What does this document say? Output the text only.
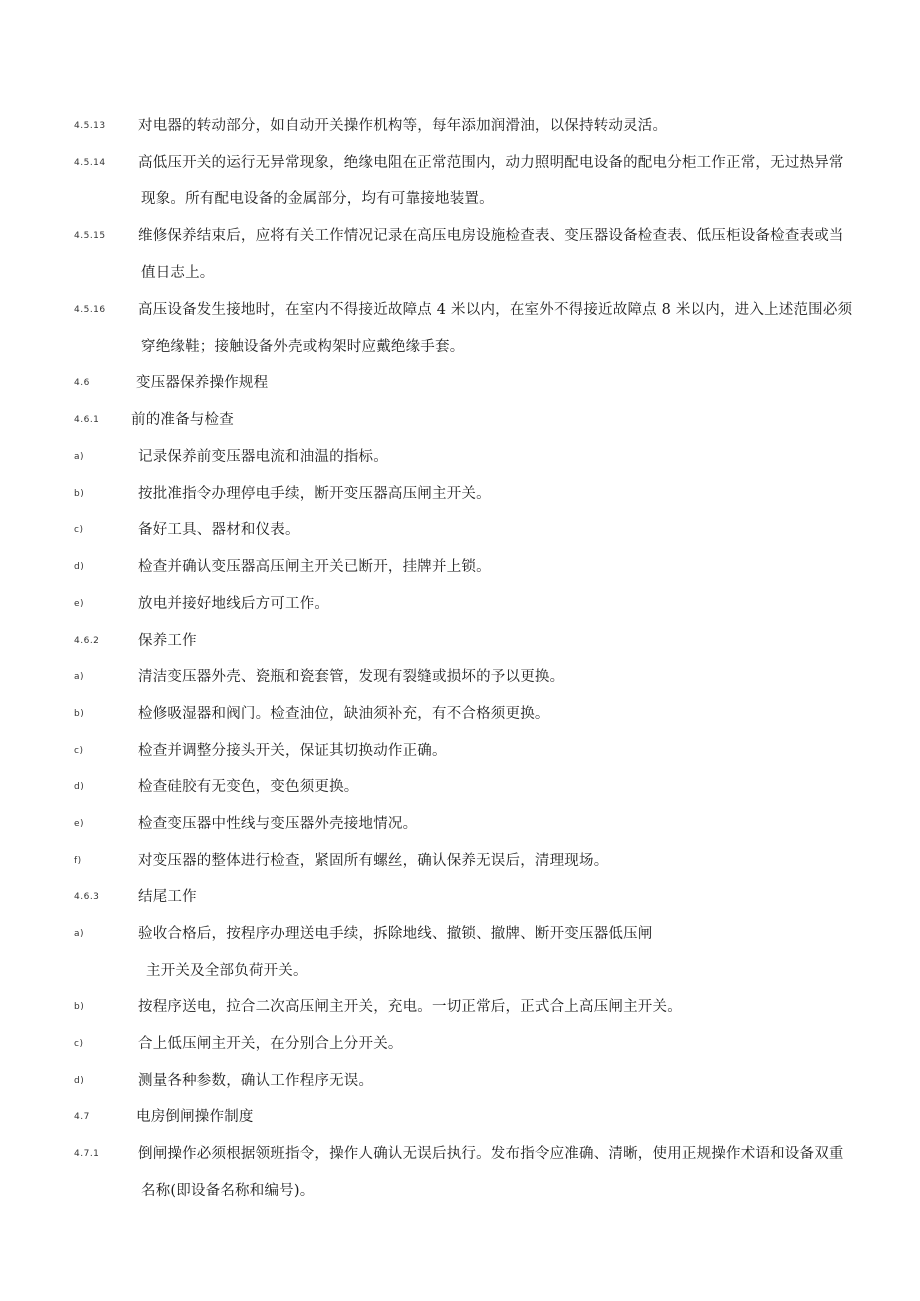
4.5.13 对电器的转动部分，如自动开关操作机构等，每年添加润滑油，以保持转动灵活。
4.5.14 高低压开关的运行无异常现象，绝缘电阻在正常范围内，动力照明配电设备的配电分柜工作正常，无过热异常
现象。所有配电设备的金属部分，均有可靠接地装置。
4.5.15 维修保养结束后，应将有关工作情况记录在高压电房设施检查表、变压器设备检查表、低压柜设备检查表或当
值日志上。
4.5.16 高压设备发生接地时，在室内不得接近故障点 4 米以内，在室外不得接近故障点 8 米以内，进入上述范围必须
穿绝缘鞋；接触设备外壳或构架时应戴绝缘手套。
4.6	变压器保养操作规程
4.6.1 前的准备与检查
a)	记录保养前变压器电流和油温的指标。
b)	按批准指令办理停电手续，断开变压器高压闸主开关。
c)	备好工具、器材和仪表。
d)	检查并确认变压器高压闸主开关已断开，挂牌并上锁。
e)	放电并接好地线后方可工作。
4.6.2	保养工作
a)	清洁变压器外壳、瓷瓶和瓷套管，发现有裂缝或损坏的予以更换。
b)	检修吸湿器和阀门。检查油位，缺油须补充，有不合格须更换。
c)	检查并调整分接头开关，保证其切换动作正确。
d)	检查硅胶有无变色，变色须更换。
e)	检查变压器中性线与变压器外壳接地情况。
f)	对变压器的整体进行检查，紧固所有螺丝，确认保养无误后，清理现场。
4.6.3	结尾工作
a)	验收合格后，按程序办理送电手续，拆除地线、撤锁、撤牌、断开变压器低压闸
主开关及全部负荷开关。
b)	按程序送电，拉合二次高压闸主开关，充电。一切正常后，正式合上高压闸主开关。
c)	合上低压闸主开关，在分别合上分开关。
d)	测量各种参数，确认工作程序无误。
4.7	电房倒闸操作制度
4.7.1	倒闸操作必须根据领班指令，操作人确认无误后执行。发布指令应准确、清晰，使用正规操作术语和设备双重
名称(即设备名称和编号)。
